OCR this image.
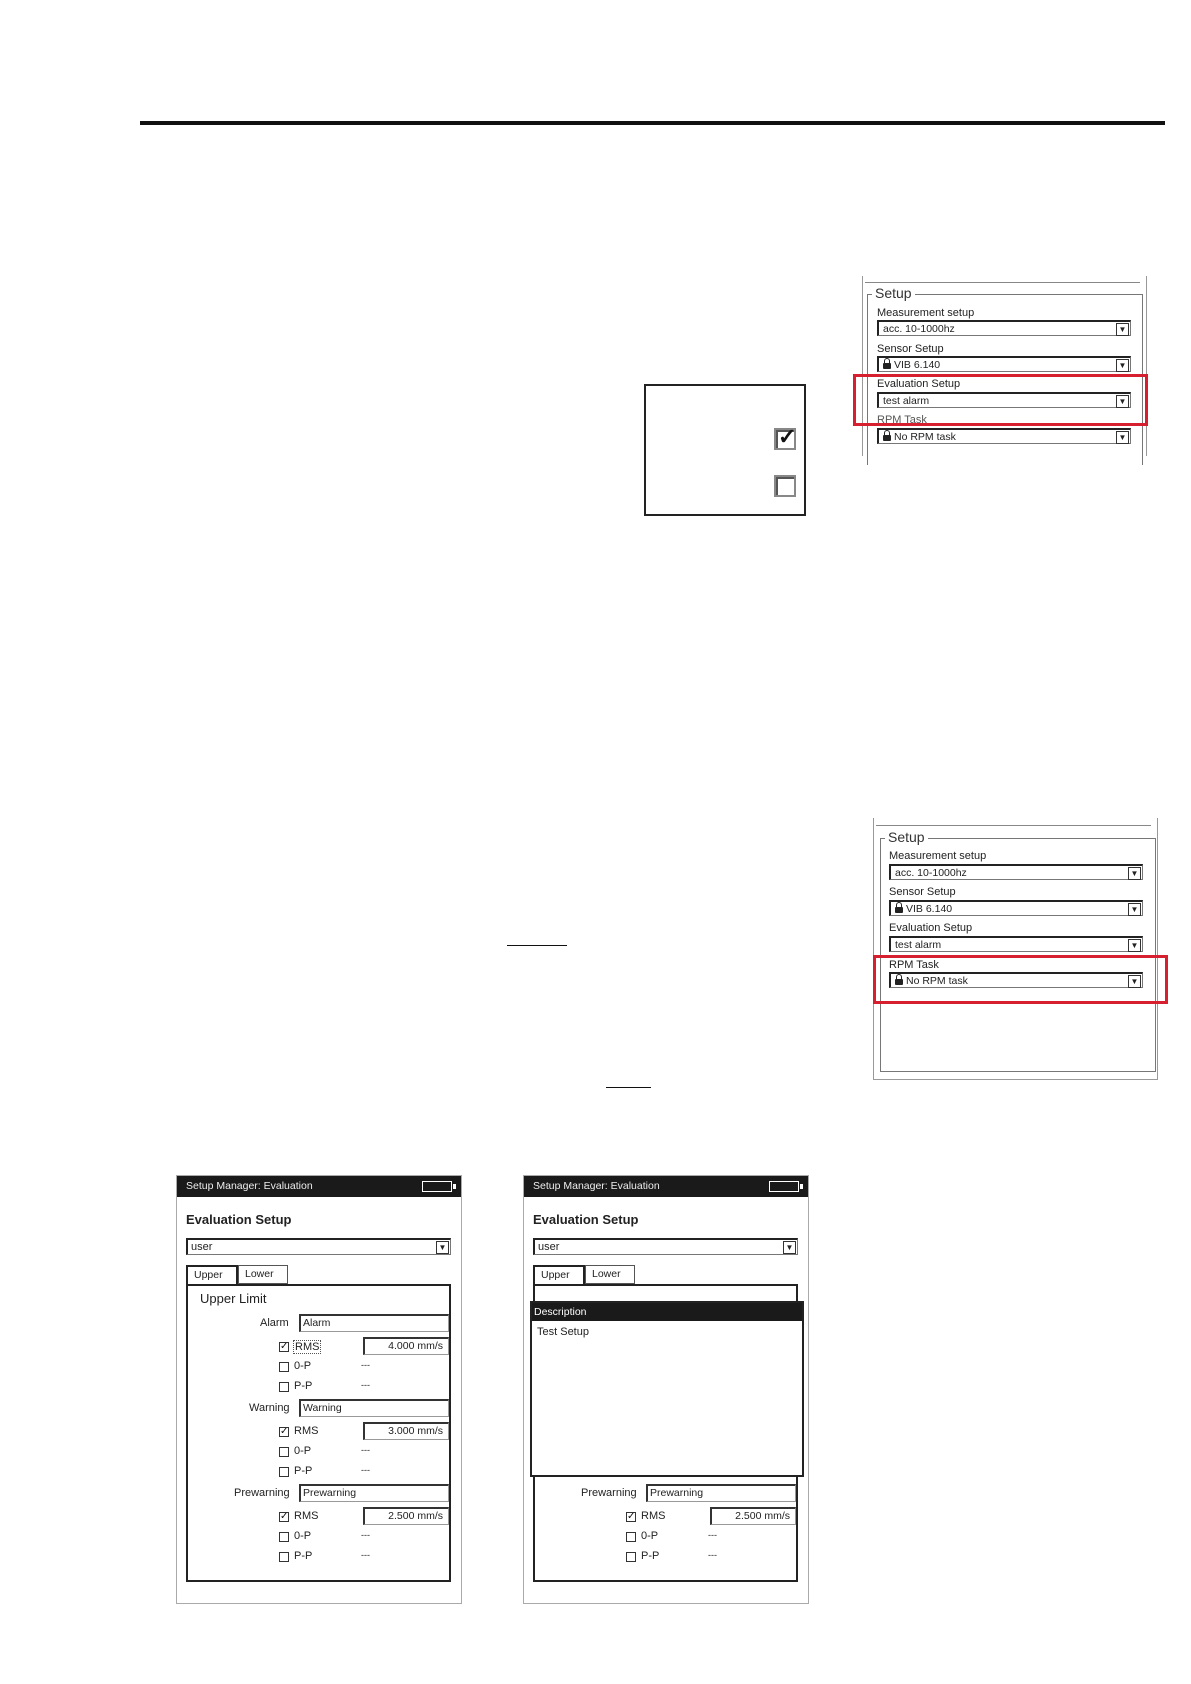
Setup
Measurement setup
acc. 10-1000hz	▼
Sensor Setup
VIB 6.140	▼
Evaluation Setup
test alarm	▼
RPM Task
No RPM task	▼
✓
Setup
Measurement setup
acc. 10-1000hz	▼
Sensor Setup
VIB 6.140	▼
Evaluation Setup
test alarm	▼
RPM Task
No RPM task	▼
Setup Manager: Evaluation
Evaluation Setup
user	▼
Upper	Lower
Upper Limit
Alarm	Alarm
✓ RMS	4.000 mm/s
0-P	---
P-P	---
Warning	Warning
✓ RMS	3.000 mm/s
0-P	---
P-P	---
Prewarning	Prewarning
✓ RMS	2.500 mm/s
0-P	---
P-P	---
Setup Manager: Evaluation
Evaluation Setup
user	▼
Upper	Lower
Prewarning	Prewarning
✓ RMS	2.500 mm/s
0-P	---
P-P	---
Description
Test Setup
